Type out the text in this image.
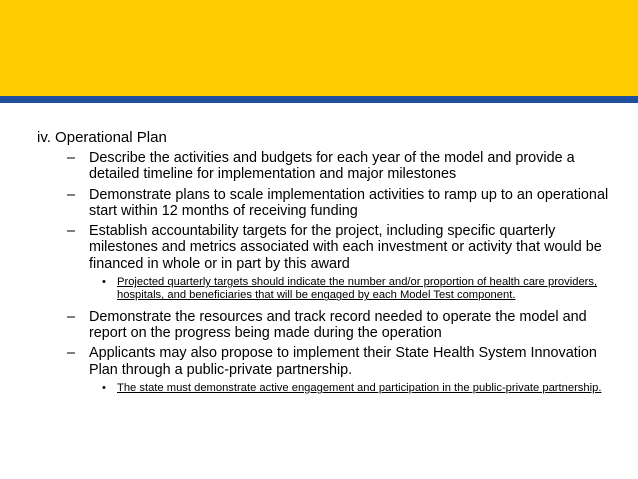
iv. Operational Plan
– Describe the activities and budgets for each year of the model and provide a detailed timeline for implementation and major milestones
– Demonstrate plans to scale implementation activities to ramp up to an operational start within 12 months of receiving funding
– Establish accountability targets for the project, including specific quarterly milestones and metrics associated with each investment or activity that would be financed in whole or in part by this award
• Projected quarterly targets should indicate the number and/or proportion of health care providers, hospitals, and beneficiaries that will be engaged by each Model Test component.
– Demonstrate the resources and track record needed to operate the model and report on the progress being made during the operation
– Applicants may also propose to implement their State Health System Innovation Plan through a public-private partnership.
• The state must demonstrate active engagement and participation in the public-private partnership.
